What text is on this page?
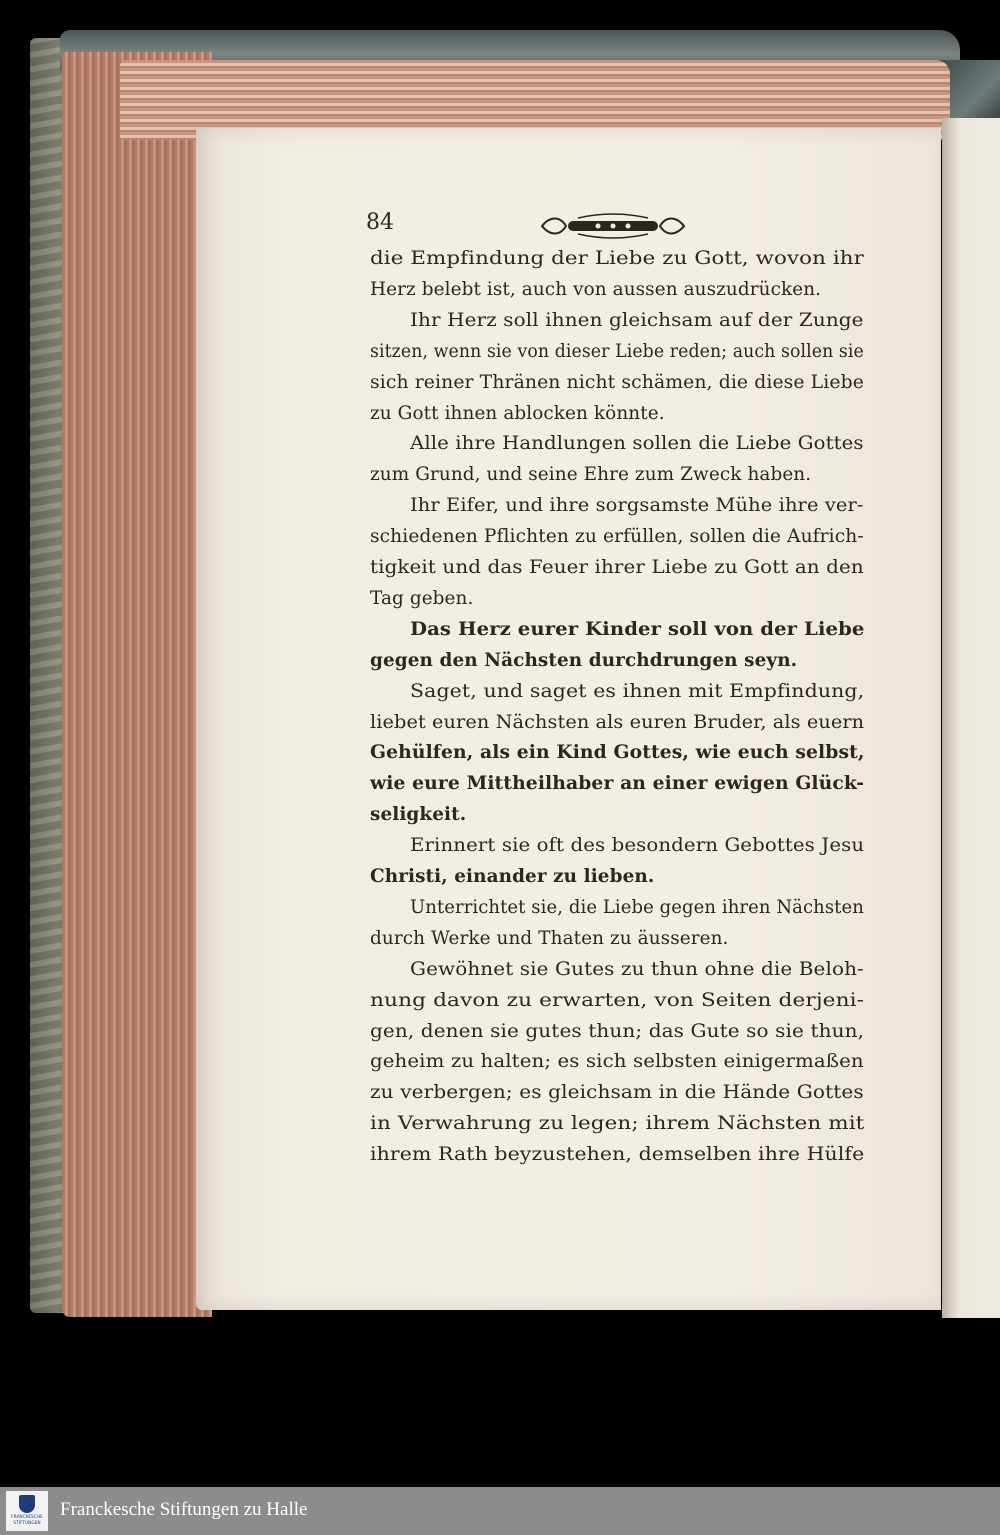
84
die Empfindung der Liebe zu Gott, wovon ihr
Herz belebt ist, auch von aussen auszudrücken.
Ihr Herz soll ihnen gleichsam auf der Zunge
sitzen, wenn sie von dieser Liebe reden; auch sollen sie
sich reiner Thränen nicht schämen, die diese Liebe
zu Gott ihnen ablocken könnte.
Alle ihre Handlungen sollen die Liebe Gottes
zum Grund, und seine Ehre zum Zweck haben.
Ihr Eifer, und ihre sorgsamste Mühe ihre ver-
schiedenen Pflichten zu erfüllen, sollen die Aufrich-
tigkeit und das Feuer ihrer Liebe zu Gott an den
Tag geben.
Das Herz eurer Kinder soll von der Liebe
gegen den Nächsten durchdrungen seyn.
Saget, und saget es ihnen mit Empfindung,
liebet euren Nächsten als euren Bruder, als euern
Gehülfen, als ein Kind Gottes, wie euch selbst,
wie eure Mittheilhaber an einer ewigen Glück-
seligkeit.
Erinnert sie oft des besondern Gebottes Jesu
Christi, einander zu lieben.
Unterrichtet sie, die Liebe gegen ihren Nächsten
durch Werke und Thaten zu äusseren.
Gewöhnet sie Gutes zu thun ohne die Beloh-
nung davon zu erwarten, von Seiten derjeni-
gen, denen sie gutes thun; das Gute so sie thun,
geheim zu halten; es sich selbsten einigermaßen
zu verbergen; es gleichsam in die Hände Gottes
in Verwahrung zu legen; ihrem Nächsten mit
ihrem Rath beyzustehen, demselben ihre Hülfe
FRANCKESCHE
STIFTUNGEN
Franckesche Stiftungen zu Halle
